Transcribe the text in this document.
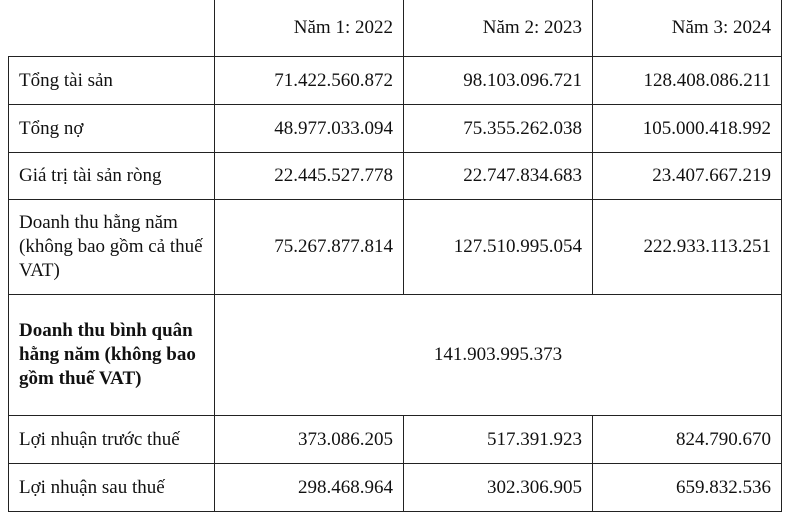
	Năm 1: 2022	Năm 2: 2023	Năm 3: 2024
Tổng tài sản	71.422.560.872	98.103.096.721	128.408.086.211
Tổng nợ	48.977.033.094	75.355.262.038	105.000.418.992
Giá trị tài sản ròng	22.445.527.778	22.747.834.683	23.407.667.219
Doanh thu hằng năm (không bao gồm cả thuế VAT)	75.267.877.814	127.510.995.054	222.933.113.251
Doanh thu bình quân hằng năm (không bao gồm thuế VAT)	141.903.995.373		
Lợi nhuận trước thuế	373.086.205	517.391.923	824.790.670
Lợi nhuận sau thuế	298.468.964	302.306.905	659.832.536
